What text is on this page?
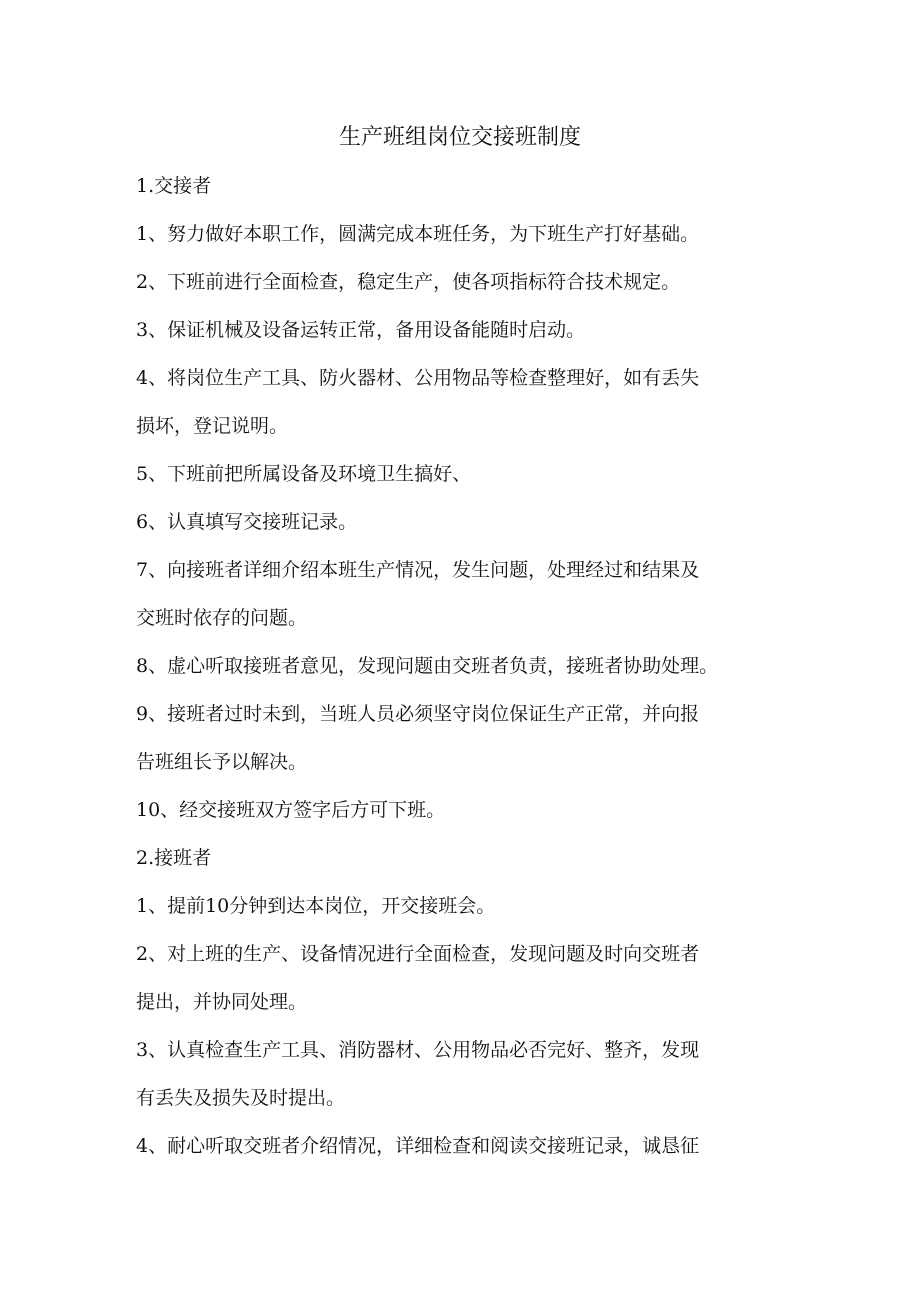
生产班组岗位交接班制度
1.交接者
1、努力做好本职工作，圆满完成本班任务，为下班生产打好基础。
2、下班前进行全面检查，稳定生产，使各项指标符合技术规定。
3、保证机械及设备运转正常，备用设备能随时启动。
4、将岗位生产工具、防火器材、公用物品等检查整理好，如有丢失
损坏，登记说明。
5、下班前把所属设备及环境卫生搞好、
6、认真填写交接班记录。
7、向接班者详细介绍本班生产情况，发生问题，处理经过和结果及
交班时依存的问题。
8、虚心听取接班者意见，发现问题由交班者负责，接班者协助处理。
9、接班者过时未到，当班人员必须坚守岗位保证生产正常，并向报
告班组长予以解决。
10、经交接班双方签字后方可下班。
2.接班者
1、提前10分钟到达本岗位，开交接班会。
2、对上班的生产、设备情况进行全面检查，发现问题及时向交班者
提出，并协同处理。
3、认真检查生产工具、消防器材、公用物品必否完好、整齐，发现
有丢失及损失及时提出。
4、耐心听取交班者介绍情况，详细检查和阅读交接班记录，诚恳征
